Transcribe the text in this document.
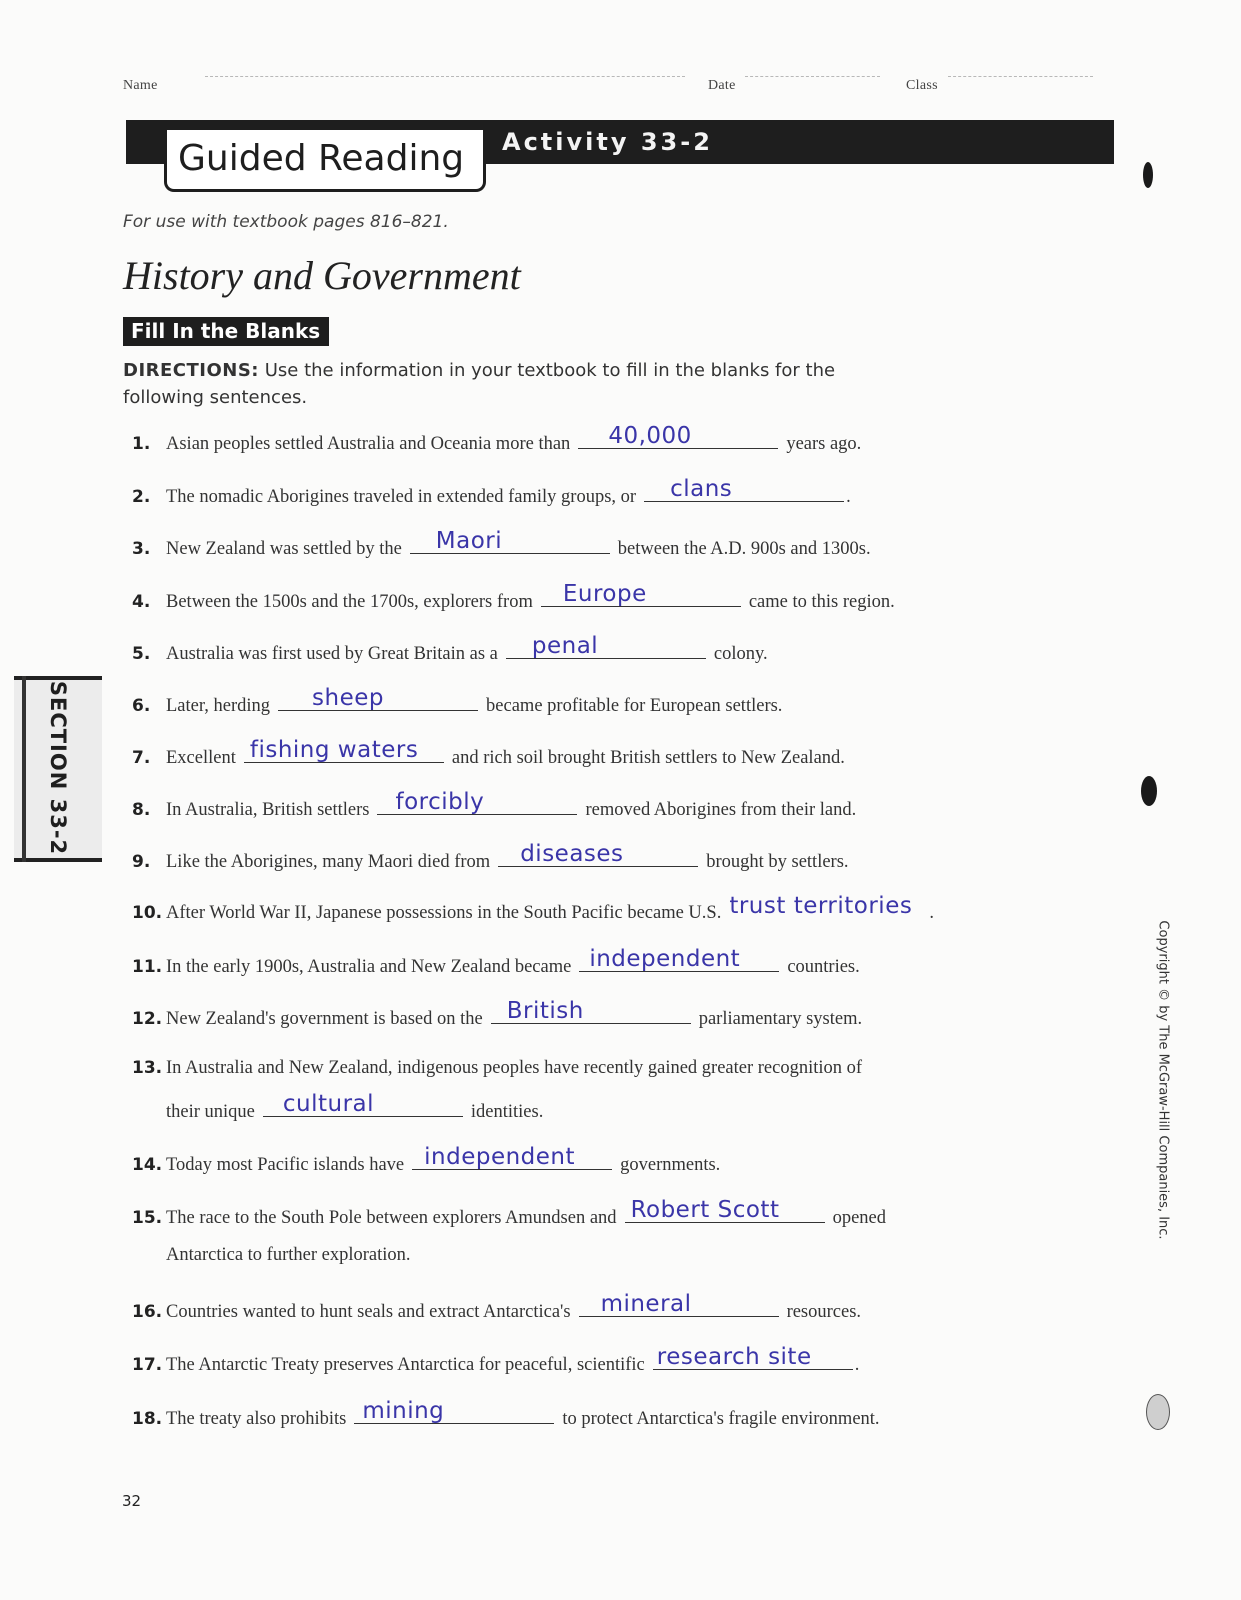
Name	Date	Class
Guided Reading Activity 33-2
For use with textbook pages 816–821.
History and Government
Fill In the Blanks
DIRECTIONS: Use the information in your textbook to fill in the blanks for the following sentences.
1. Asian peoples settled Australia and Oceania more than 40,000	years ago.
2. The nomadic Aborigines traveled in extended family groups, or clans	.
3. New Zealand was settled by the Maori	between the A.D. 900s and 1300s.
4. Between the 1500s and the 1700s, explorers from Europe	came to this region.
5. Australia was first used by Great Britain as a penal	colony.
6. Later, herding sheep	became profitable for European settlers.
7. Excellent fishing waters and rich soil brought British settlers to New Zealand.
8. In Australia, British settlers forcibly	removed Aborigines from their land.
9. Like the Aborigines, many Maori died from diseases	brought by settlers.
10. After World War II, Japanese possessions in the South Pacific became U.S. trust territories .
11. In the early 1900s, Australia and New Zealand became independent	countries.
12. New Zealand's government is based on the British	parliamentary system.
13. In Australia and New Zealand, indigenous peoples have recently gained greater recognition of
their unique cultural	identities.
14. Today most Pacific islands have independent governments.
15. The race to the South Pole between explorers Amundsen and Robert Scott	opened
Antarctica to further exploration.
16. Countries wanted to hunt seals and extract Antarctica's mineral	resources.
17. The Antarctic Treaty preserves Antarctica for peaceful, scientific research site .
18. The treaty also prohibits mining	to protect Antarctica's fragile environment.
SECTION 33-2
Copyright © by The McGraw-Hill Companies, Inc.
32
